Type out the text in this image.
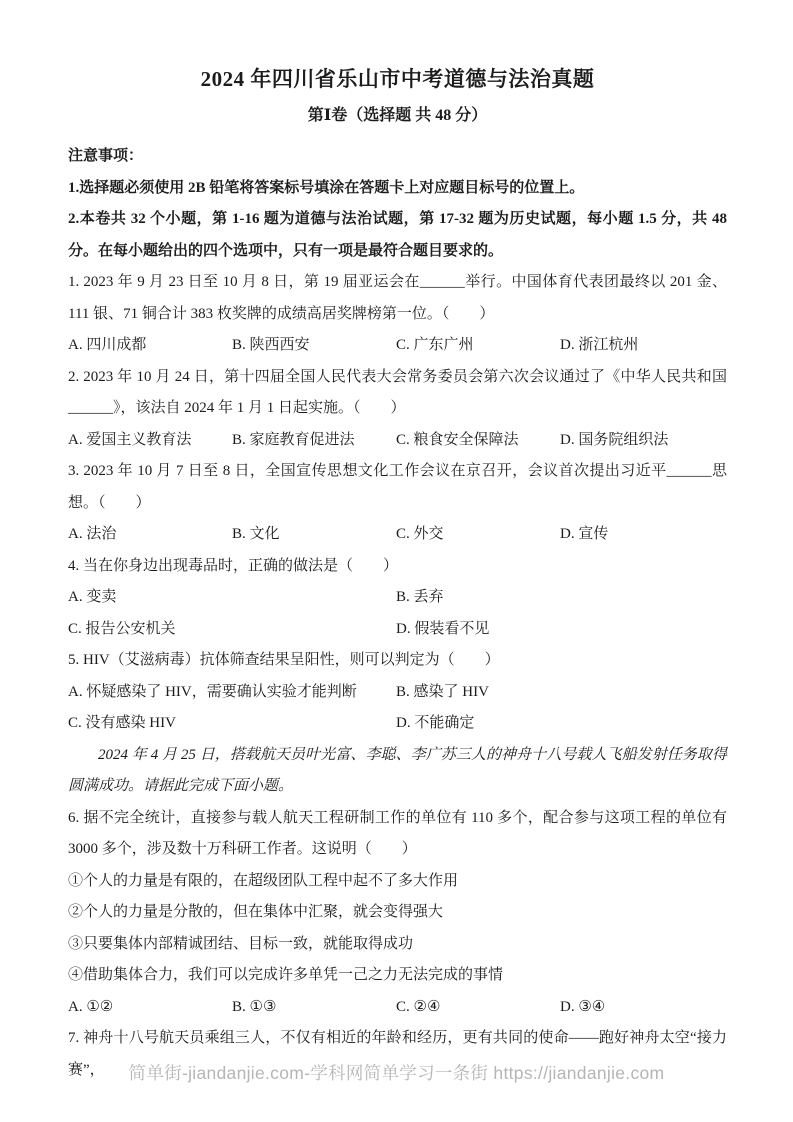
2024 年四川省乐山市中考道德与法治真题
第Ⅰ卷（选择题 共 48 分）
注意事项：
1.选择题必须使用 2B 铅笔将答案标号填涂在答题卡上对应题目标号的位置上。
2.本卷共 32 个小题，第 1-16 题为道德与法治试题，第 17-32 题为历史试题，每小题 1.5 分，共 48 分。在每小题给出的四个选项中，只有一项是最符合题目要求的。
1. 2023 年 9 月 23 日至 10 月 8 日，第 19 届亚运会在______举行。中国体育代表团最终以 201 金、111 银、71 铜合计 383 枚奖牌的成绩高居奖牌榜第一位。（　　）
A. 四川成都	B. 陕西西安	C. 广东广州	D. 浙江杭州
2. 2023 年 10 月 24 日，第十四届全国人民代表大会常务委员会第六次会议通过了《中华人民共和国______》，该法自 2024 年 1 月 1 日起实施。（　　）
A. 爱国主义教育法	B. 家庭教育促进法	C. 粮食安全保障法	D. 国务院组织法
3. 2023 年 10 月 7 日至 8 日，全国宣传思想文化工作会议在京召开，会议首次提出习近平______思想。（　　）
A. 法治	B. 文化	C. 外交	D. 宣传
4. 当在你身边出现毒品时，正确的做法是（　　）
A. 变卖	B. 丢弃
C. 报告公安机关	D. 假装看不见
5. HIV（艾滋病毒）抗体筛查结果呈阳性，则可以判定为（　　）
A. 怀疑感染了 HIV，需要确认实验才能判断	B. 感染了 HIV
C. 没有感染 HIV	D. 不能确定
2024 年 4 月 25 日，搭载航天员叶光富、李聪、李广苏三人的神舟十八号载人飞船发射任务取得圆满成功。请据此完成下面小题。
6. 据不完全统计，直接参与载人航天工程研制工作的单位有 110 多个，配合参与这项工程的单位有 3000 多个，涉及数十万科研工作者。这说明（　　）
①个人的力量是有限的，在超级团队工程中起不了多大作用
②个人的力量是分散的，但在集体中汇聚，就会变得强大
③只要集体内部精诚团结、目标一致，就能取得成功
④借助集体合力，我们可以完成许多单凭一己之力无法完成的事情
A. ①②	B. ①③	C. ②④	D. ③④
7. 神舟十八号航天员乘组三人，不仅有相近的年龄和经历，更有共同的使命——跑好神舟太空“接力赛”，	简单街-jiandanjie.com-学科网简单学习一条街 https://jiandanjie.com
